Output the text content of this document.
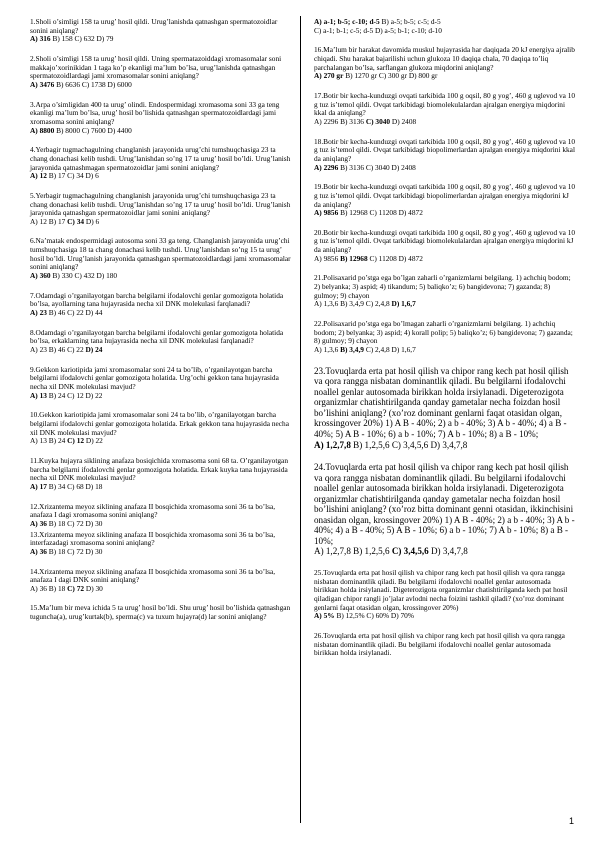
1.Sholi o’simligi 158 ta urug’ hosil qildi. Urug’lanishda qatnashgan spermatozoidlar sonini aniqlang?

A) 316 B) 158 C) 632 D) 79

2.Sholi o’simligi 158 ta urug’ hosil qildi. Uning spermatazoiddagi xromasomalar soni makkajo’xorinikidan 1 taga ko’p ekanligi ma’lum bo’lsa, urug’lanishda qatnashgan spermatozoidlardagi jami xromasomalar sonini aniqlang?

A) 3476 B) 6636 C) 1738 D) 6000

3.Arpa o’simligidan 400 ta urug’ olindi. Endospermidagi xromasoma soni 33 ga teng ekanligi ma’lum bo’lsa, urug’ hosil bo’lishida qatnashgan spermatozoidlardagi jami xromasoma sonini aniqlang?

A) 8800 B) 8000 C) 7600 D) 4400

4.Yerbagir tugmachagulning changlanish jarayonida urug’chi tumshuqchasiga 23 ta chang donachasi kelib tushdi. Urug’lanishdan so’ng 17 ta urug’ hosil bo’ldi. Urug’lanish jarayonida qatnashmagan spermatozoidlar jami sonini aniqlang?

A) 12 B) 17 C) 34 D) 6

5.Yerbagir tugmachagulning changlanish jarayonida urug’chi tumshuqchasiga 23 ta chang donachasi kelib tushdi. Urug’lanishdan so’ng 17 ta urug’ hosil bo’ldi. Urug’lanish jarayonida qatnashgan spermatozoidlar jami sonini aniqlang?

A) 12 B) 17 C) 34 D) 6

6.Na’matak endospermidagi autosoma soni 33 ga teng. Changlanish jarayonida urug’chi tumshuqchasiga 18 ta chang donachasi kelib tushdi. Urug’lanishdan so’ng 15 ta urug’ hosil bo’ldi. Urug’lanish jarayonida qatnashgan spermatozoidlardagi jami xromasomalar sonini aniqlang?

A) 360 B) 330 C) 432 D) 180

7.Odamdagi o’rganilayotgan barcha belgilarni ifodalovchi genlar gomozigota holatida bo’lsa, ayollarning tana hujayrasida necha xil DNK molekulasi farqlanadi?

A) 23 B) 46 C) 22 D) 44

8.Odamdagi o’rganilayotgan barcha belgilarni ifodalovchi genlar gomozigota holatida bo’lsa, erkaklarning tana hujayrasida necha xil DNK molekulasi farqlanadi?

A) 23 B) 46 C) 22 D) 24

9.Gekkon kariotipida jami xromasomalar soni 24 ta bo’lib, o’rganilayotgan barcha belgilarni ifodalovchi genlar gomozigota holatida. Urg’ochi gekkon tana hujayrasida necha xil DNK molekulasi mavjud?

A) 13 B) 24 C) 12 D) 22

10.Gekkon kariotipida jami xromasomalar soni 24 ta bo’lib, o’rganilayotgan barcha belgilarni ifodalovchi genlar gomozigota holatida. Erkak gekkon tana hujayrasida necha xil DNK molekulasi mavjud?

A) 13 B) 24 C) 12 D) 22

11.Kuyka hujayra siklining anafaza bosiqichida xromasoma soni 68 ta. O’rganilayotgan barcha belgilarni ifodalovchi genlar gomozigota holatida. Erkak kuyka tana hujayrasida necha xil DNK molekulasi mavjud?

A) 17 B) 34 C) 68 D) 18

12.Xrizantema meyoz siklining anafaza II bosqichida xromasoma soni 36 ta bo’lsa, anafaza I dagi xromasoma sonini aniqlang?

A) 36 B) 18 C) 72 D) 30

13.Xrizantema meyoz siklining anafaza II bosqichida xromasoma soni 36 ta bo’lsa, interfazadagi xromasoma sonini aniqlang?

A) 36 B) 18 C) 72 D) 30

14.Xrizantema meyoz siklining anafaza II bosqichida xromasoma soni 36 ta bo’lsa, anafaza I dagi DNK sonini aniqlang?

A) 36 B) 18 C) 72 D) 30

15.Ma’lum bir meva ichida 5 ta urug’ hosil bo’ldi. Shu urug’ hosil bo’lishida qatnashgan tuguncha(a), urug’kurtak(b), sperma(c) va tuxum hujayra(d) lar sonini aniqlang?

A) a-1; b-5; c-10; d-5 B) a-5; b-5; c-5; d-5

C) a-1; b-1; c-5; d-5 D) a-5; b-1; c-10; d-10

16.Ma’lum bir harakat davomida muskul hujayrasida har daqiqada 20 kJ energiya ajralib chiqadi. Shu harakat bajarilishi uchun glukoza 10 daqiqa chala, 70 daqiqa to’liq parchalangan bo’lsa, sarflangan glukoza miqdorini aniqlang?

A) 270 gr B) 1270 gr C) 300 gr D) 800 gr

17.Botir bir kecha-kunduzgi ovqati tarkibida 100 g oqsil, 80 g yog’, 460 g uglevod va 10 g tuz is’temol qildi. Ovqat tarkibidagi biomolekulalardan ajralgan energiya miqdorini kkal da aniqlang?

A) 2296 B) 3136 C) 3040 D) 2408

18.Botir bir kecha-kunduzgi ovqati tarkibida 100 g oqsil, 80 g yog’, 460 g uglevod va 10 g tuz is’temol qildi. Ovqat tarkibidagi biopolimerlardan ajralgan energiya miqdorini kkal da aniqlang?

A) 2296 B) 3136 C) 3040 D) 2408

19.Botir bir kecha-kunduzgi ovqati tarkibida 100 g oqsil, 80 g yog’, 460 g uglevod va 10 g tuz is’temol qildi. Ovqat tarkibidagi biopolimerlardan ajralgan energiya miqdorini kJ da aniqlang?

A) 9856 B) 12968 C) 11208 D) 4872

20.Botir bir kecha-kunduzgi ovqati tarkibida 100 g oqsil, 80 g yog’, 460 g uglevod va 10 g tuz is’temol qildi. Ovqat tarkibidagi biomolekulalardan ajralgan energiya miqdorini kJ da aniqlang?

A) 9856 B) 12968 C) 11208 D) 4872

21.Polisaxarid po’stga ega bo’lgan zaharli o’rganizmlarni belgilang. 1) achchiq bodom; 2) belyanka; 3) aspid; 4) tikandum; 5) baliqko’z; 6) bangidevona; 7) gazanda; 8) gulmoy; 9) chayon

A) 1,3,6 B) 3,4,9 C) 2,4,8 D) 1,6,7

22.Polisaxarid po’stga ega bo’lmagan zaharli o’rganizmlarni belgilang. 1) achchiq bodom; 2) belyanka; 3) aspid; 4) korall polip; 5) baliqko’z; 6) bangidevona; 7) gazanda; 8) gulmoy; 9) chayon

A) 1,3,6 B) 3,4,9 C) 2,4,8 D) 1,6,7

23.Tovuqlarda erta pat hosil qilish va chipor rang kech pat hosil qilish va qora rangga nisbatan dominantlik qiladi. Bu belgilarni ifodalovchi noallel genlar autosomada birikkan holda irsiylanadi. Digeterozigota organizmlar chatishtirilganda qanday gametalar necha foizdan hosil bo’lishini aniqlang? (xo’roz dominant genlarni faqat otasidan olgan, krossingover 20%) 1) A B - 40%; 2) a b - 40%; 3) A b - 40%; 4) a B - 40%; 5) A B - 10%; 6) a b - 10%; 7) A b - 10%; 8) a B - 10%;

A) 1,2,7,8 B) 1,2,5,6 C) 3,4,5,6 D) 3,4,7,8

24.Tovuqlarda erta pat hosil qilish va chipor rang kech pat hosil qilish va qora rangga nisbatan dominantlik qiladi. Bu belgilarni ifodalovchi noallel genlar autosomada birikkan holda irsiylanadi. Digeterozigota organizmlar chatishtirilganda qanday gametalar necha foizdan hosil bo’lishini aniqlang? (xo’roz bitta dominant genni otasidan, ikkinchisini onasidan olgan, krossingover 20%) 1) A B - 40%; 2) a b - 40%; 3) A b - 40%; 4) a B - 40%; 5) A B - 10%; 6) a b - 10%; 7) A b - 10%; 8) a B - 10%;

A) 1,2,7,8 B) 1,2,5,6 C) 3,4,5,6 D) 3,4,7,8

25.Tovuqlarda erta pat hosil qilish va chipor rang kech pat hosil qilish va qora rangga nisbatan dominantlik qiladi. Bu belgilarni ifodalovchi noallel genlar autosomada birikkan holda irsiylanadi. Digeterozigota organizmlar chatishtirilganda kech pat hosil qiladigan chipor rangli jo’jalar avlodni necha foizini tashkil qiladi? (xo’roz dominant genlarni faqat otasidan olgan, krossingover 20%)

A) 5% B) 12,5% C) 60% D) 70%

26.Tovuqlarda erta pat hosil qilish va chipor rang kech pat hosil qilish va qora rangga nisbatan dominantlik qiladi. Bu belgilarni ifodalovchi noallel genlar autosomada birikkan holda irsiylanadi.

1
